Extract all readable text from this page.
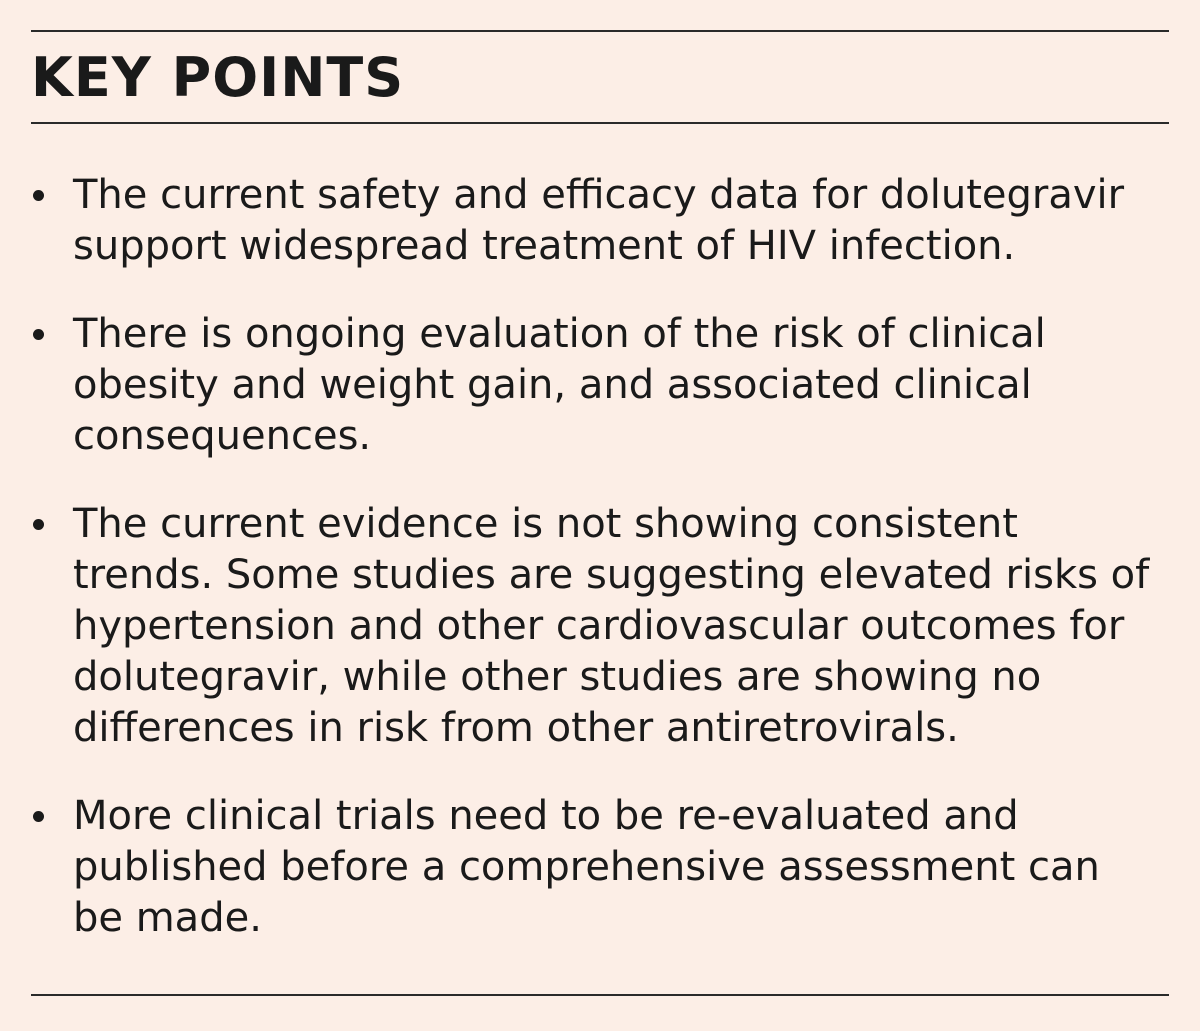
KEY POINTS
The current safety and efficacy data for dolutegravir support widespread treatment of HIV infection.
There is ongoing evaluation of the risk of clinical obesity and weight gain, and associated clinical consequences.
The current evidence is not showing consistent trends. Some studies are suggesting elevated risks of hypertension and other cardiovascular outcomes for dolutegravir, while other studies are showing no differences in risk from other antiretrovirals.
More clinical trials need to be re-evaluated and published before a comprehensive assessment can be made.
